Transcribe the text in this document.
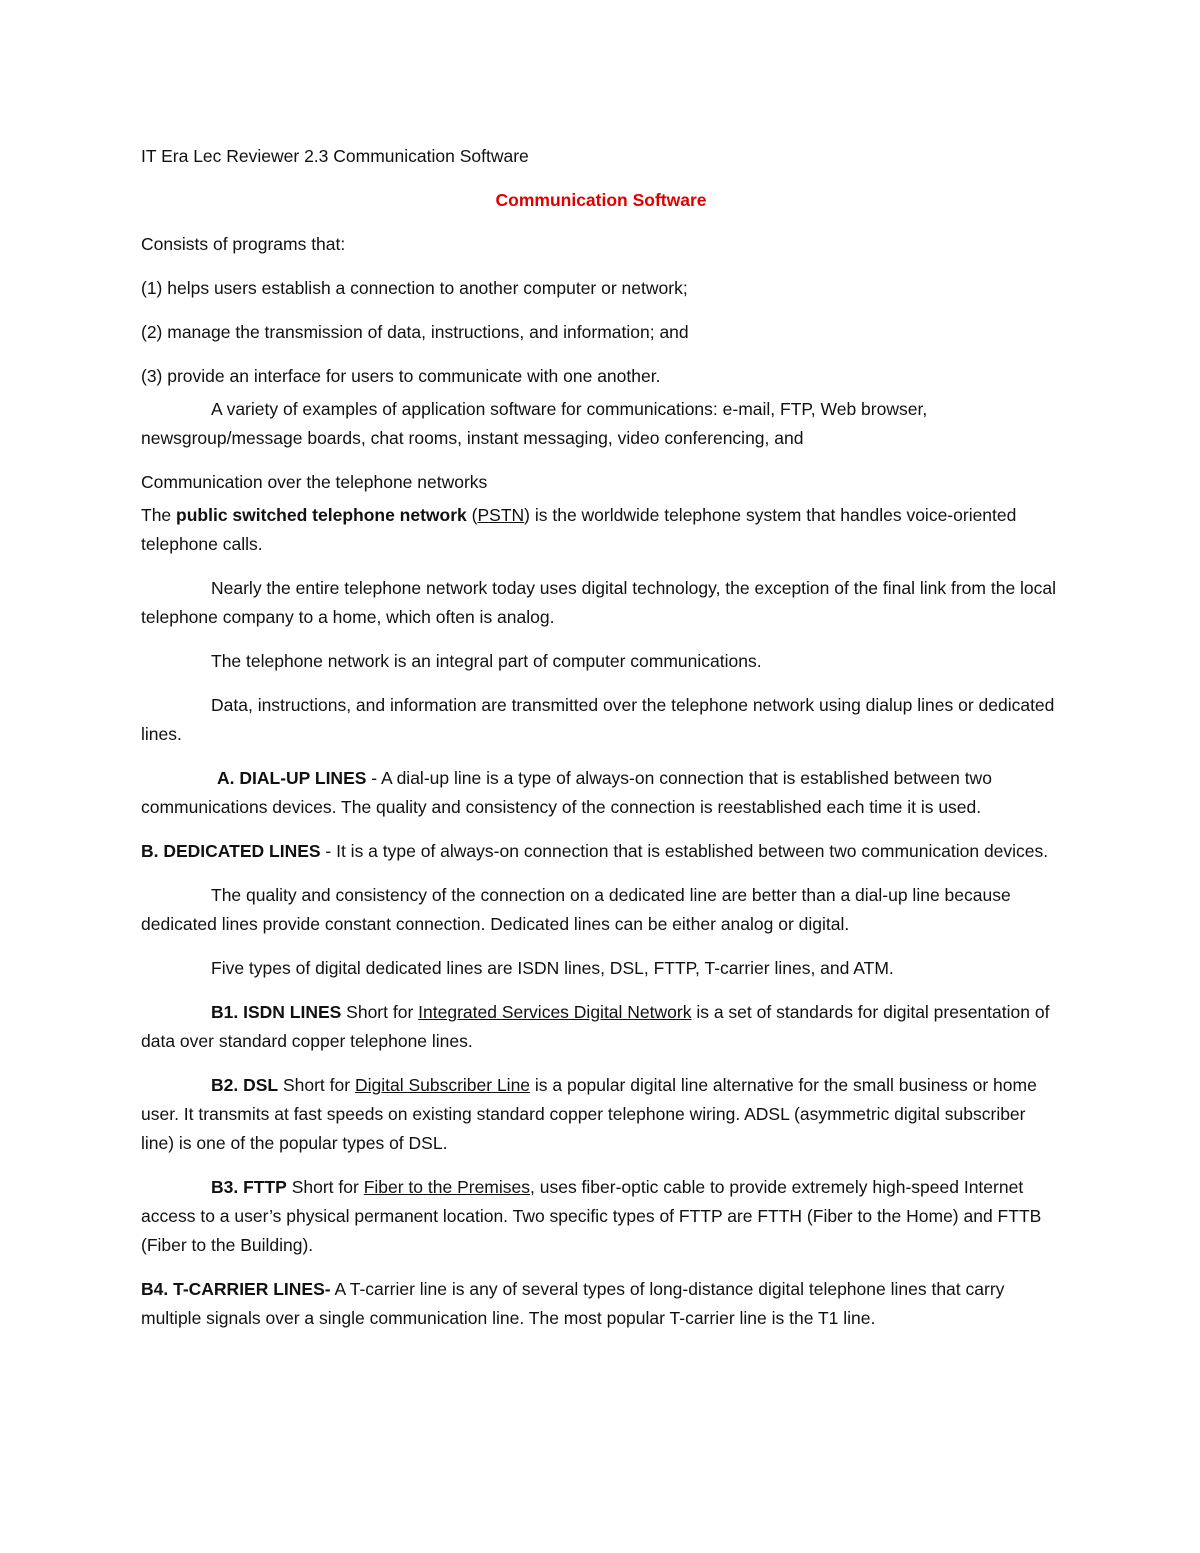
IT Era Lec Reviewer 2.3 Communication Software

Communication Software

Consists of programs that:

(1) helps users establish a connection to another computer or network;

(2) manage the transmission of data, instructions, and information; and

(3) provide an interface for users to communicate with one another.

A variety of examples of application software for communications: e-mail, FTP, Web browser, newsgroup/message boards, chat rooms, instant messaging, video conferencing, and

Communication over the telephone networks

The public switched telephone network (PSTN) is the worldwide telephone system that handles voice-oriented telephone calls.

Nearly the entire telephone network today uses digital technology, the exception of the final link from the local telephone company to a home, which often is analog.

The telephone network is an integral part of computer communications.

Data, instructions, and information are transmitted over the telephone network using dialup lines or dedicated lines.

A. DIAL-UP LINES - A dial-up line is a type of always-on connection that is established between two communications devices. The quality and consistency of the connection is reestablished each time it is used.

B. DEDICATED LINES - It is a type of always-on connection that is established between two communication devices.

The quality and consistency of the connection on a dedicated line are better than a dial-up line because dedicated lines provide constant connection. Dedicated lines can be either analog or digital.

Five types of digital dedicated lines are ISDN lines, DSL, FTTP, T-carrier lines, and ATM.

B1. ISDN LINES Short for Integrated Services Digital Network is a set of standards for digital presentation of data over standard copper telephone lines.

B2. DSL Short for Digital Subscriber Line is a popular digital line alternative for the small business or home user. It transmits at fast speeds on existing standard copper telephone wiring. ADSL (asymmetric digital subscriber line) is one of the popular types of DSL.

B3. FTTP Short for Fiber to the Premises, uses fiber-optic cable to provide extremely high-speed Internet access to a user’s physical permanent location. Two specific types of FTTP are FTTH (Fiber to the Home) and FTTB (Fiber to the Building).

B4. T-CARRIER LINES- A T-carrier line is any of several types of long-distance digital telephone lines that carry multiple signals over a single communication line. The most popular T-carrier line is the T1 line.
